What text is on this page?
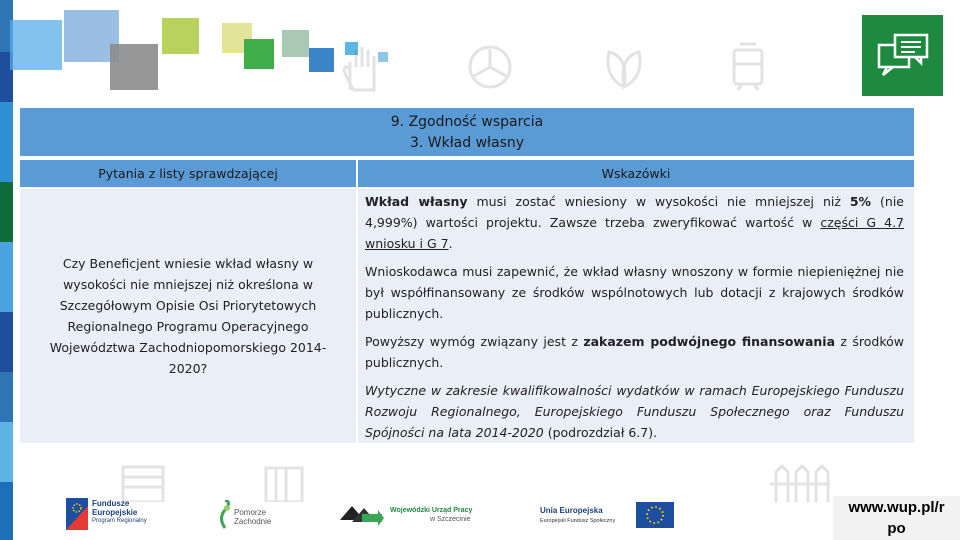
9. Zgodność wsparcia
3. Wkład własny
Pytania z listy sprawdzającej	Wskazówki
Czy Beneficjent wniesie wkład własny w wysokości nie mniejszej niż określona w Szczegółowym Opisie Osi Priorytetowych Regionalnego Programu Operacyjnego Województwa Zachodniopomorskiego 2014-2020?

Wkład własny musi zostać wniesiony w wysokości nie mniejszej niż 5% (nie 4,999%) wartości projektu. Zawsze trzeba zweryfikować wartość w części G 4.7 wniosku i G 7.

Wnioskodawca musi zapewnić, że wkład własny wnoszony w formie niepieniężnej nie był współfinansowany ze środków wspólnotowych lub dotacji z krajowych środków publicznych.

Powyższy wymóg związany jest z zakazem podwójnego finansowania z środków publicznych.

Wytyczne w zakresie kwalifikowalności wydatków w ramach Europejskiego Funduszu Rozwoju Regionalnego, Europejskiego Funduszu Społecznego oraz Funduszu Spójności na lata 2014-2020 (podrozdział 6.7).

Fundusze
Europejskie
Program Regionalny
Pomorze
Zachodnie
Wojewódzki Urząd Pracy
w Szczecinie
Unia Europejska
Europejski Fundusz Społeczny
www.wup.pl/r
po
